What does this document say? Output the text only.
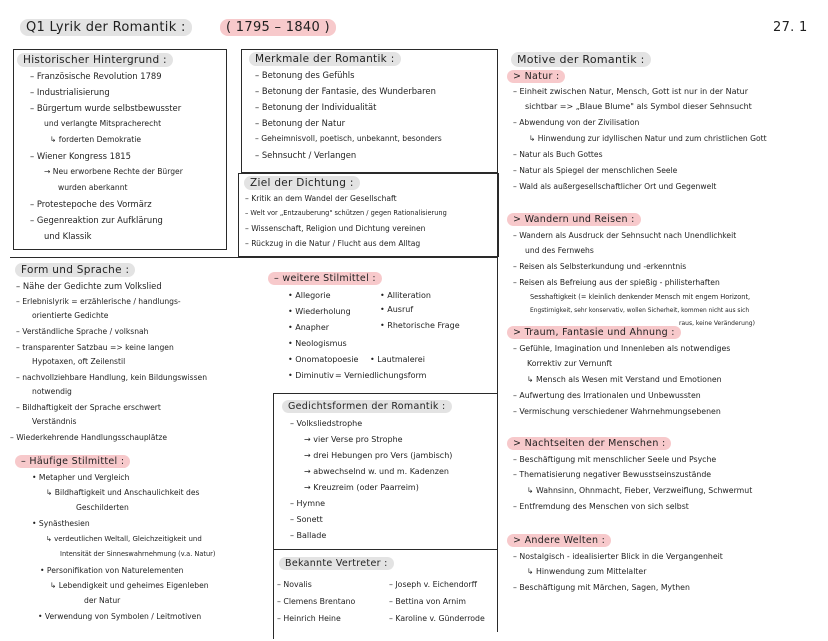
Q1 Lyrik der Romantik :	( 1795 – 1840 )	27. 1
Historischer Hintergrund :
– Französische Revolution 1789
– Industrialisierung
– Bürgertum wurde selbstbewusster
und verlangte Mitspracherecht
↳ forderten Demokratie
– Wiener Kongress 1815
→ Neu erworbene Rechte der Bürger
wurden aberkannt
– Protestepoche des Vormärz
– Gegenreaktion zur Aufklärung
und Klassik
Merkmale der Romantik :
– Betonung des Gefühls
– Betonung der Fantasie, des Wunderbaren
– Betonung der Individualität
– Betonung der Natur
– Geheimnisvoll, poetisch, unbekannt, besonders
– Sehnsucht / Verlangen
Ziel der Dichtung :
– Kritik an dem Wandel der Gesellschaft
– Welt vor „Entzauberung" schützen / gegen Rationalisierung
– Wissenschaft, Religion und Dichtung vereinen
– Rückzug in die Natur / Flucht aus dem Alltag
Form und Sprache :
– Nähe der Gedichte zum Volkslied
– Erlebnislyrik = erzählerische / handlungs-
orientierte Gedichte
– Verständliche Sprache / volksnah
– transparenter Satzbau => keine langen
Hypotaxen, oft Zeilenstil
– nachvollziehbare Handlung, kein Bildungswissen
notwendig
– Bildhaftigkeit der Sprache erschwert
Verständnis
– Wiederkehrende Handlungsschauplätze
– Häufige Stilmittel :
• Metapher und Vergleich
↳ Bildhaftigkeit und Anschaulichkeit des
Geschilderten
• Synästhesien
↳ verdeutlichen Weltall, Gleichzeitigkeit und
Intensität der Sinneswahrnehmung (v.a. Natur)
• Personifikation von Naturelementen
↳ Lebendigkeit und geheimes Eigenleben
der Natur
• Verwendung von Symbolen / Leitmotiven
– weitere Stilmittel :
• Allegorie
• Wiederholung
• Anapher
• Neologismus
• Onomatopoesie
• Diminutiv
• Alliteration
• Ausruf
• Rhetorische Frage
• Lautmalerei
= Verniedlichungsform
Gedichtsformen der Romantik :
– Volksliedstrophe
→ vier Verse pro Strophe
→ drei Hebungen pro Vers (jambisch)
→ abwechselnd w. und m. Kadenzen
→ Kreuzreim (oder Paarreim)
– Hymne
– Sonett
– Ballade
Bekannte Vertreter :
– Novalis
– Clemens Brentano
– Heinrich Heine
– Joseph v. Eichendorff
– Bettina von Arnim
– Karoline v. Günderrode
Motive der Romantik :
> Natur :
– Einheit zwischen Natur, Mensch, Gott ist nur in der Natur
sichtbar => „Blaue Blume" als Symbol dieser Sehnsucht
– Abwendung von der Zivilisation
↳ Hinwendung zur idyllischen Natur und zum christlichen Gott
– Natur als Buch Gottes
– Natur als Spiegel der menschlichen Seele
– Wald als außergesellschaftlicher Ort und Gegenwelt
> Wandern und Reisen :
– Wandern als Ausdruck der Sehnsucht nach Unendlichkeit
und des Fernwehs
– Reisen als Selbsterkundung und -erkenntnis
– Reisen als Befreiung aus der spießig - philisterhaften
Sesshaftigkeit (= kleinlich denkender Mensch mit engem Horizont,
Engstirnigkeit, sehr konservativ, wollen Sicherheit, kommen nicht aus sich
raus, keine Veränderung)
> Traum, Fantasie und Ahnung :
– Gefühle, Imagination und Innenleben als notwendiges
Korrektiv zur Vernunft
↳ Mensch als Wesen mit Verstand und Emotionen
– Aufwertung des Irrationalen und Unbewussten
– Vermischung verschiedener Wahrnehmungsebenen
> Nachtseiten der Menschen :
– Beschäftigung mit menschlicher Seele und Psyche
– Thematisierung negativer Bewusstseinszustände
↳ Wahnsinn, Ohnmacht, Fieber, Verzweiflung, Schwermut
– Entfremdung des Menschen von sich selbst
> Andere Welten :
– Nostalgisch - idealisierter Blick in die Vergangenheit
↳ Hinwendung zum Mittelalter
– Beschäftigung mit Märchen, Sagen, Mythen
